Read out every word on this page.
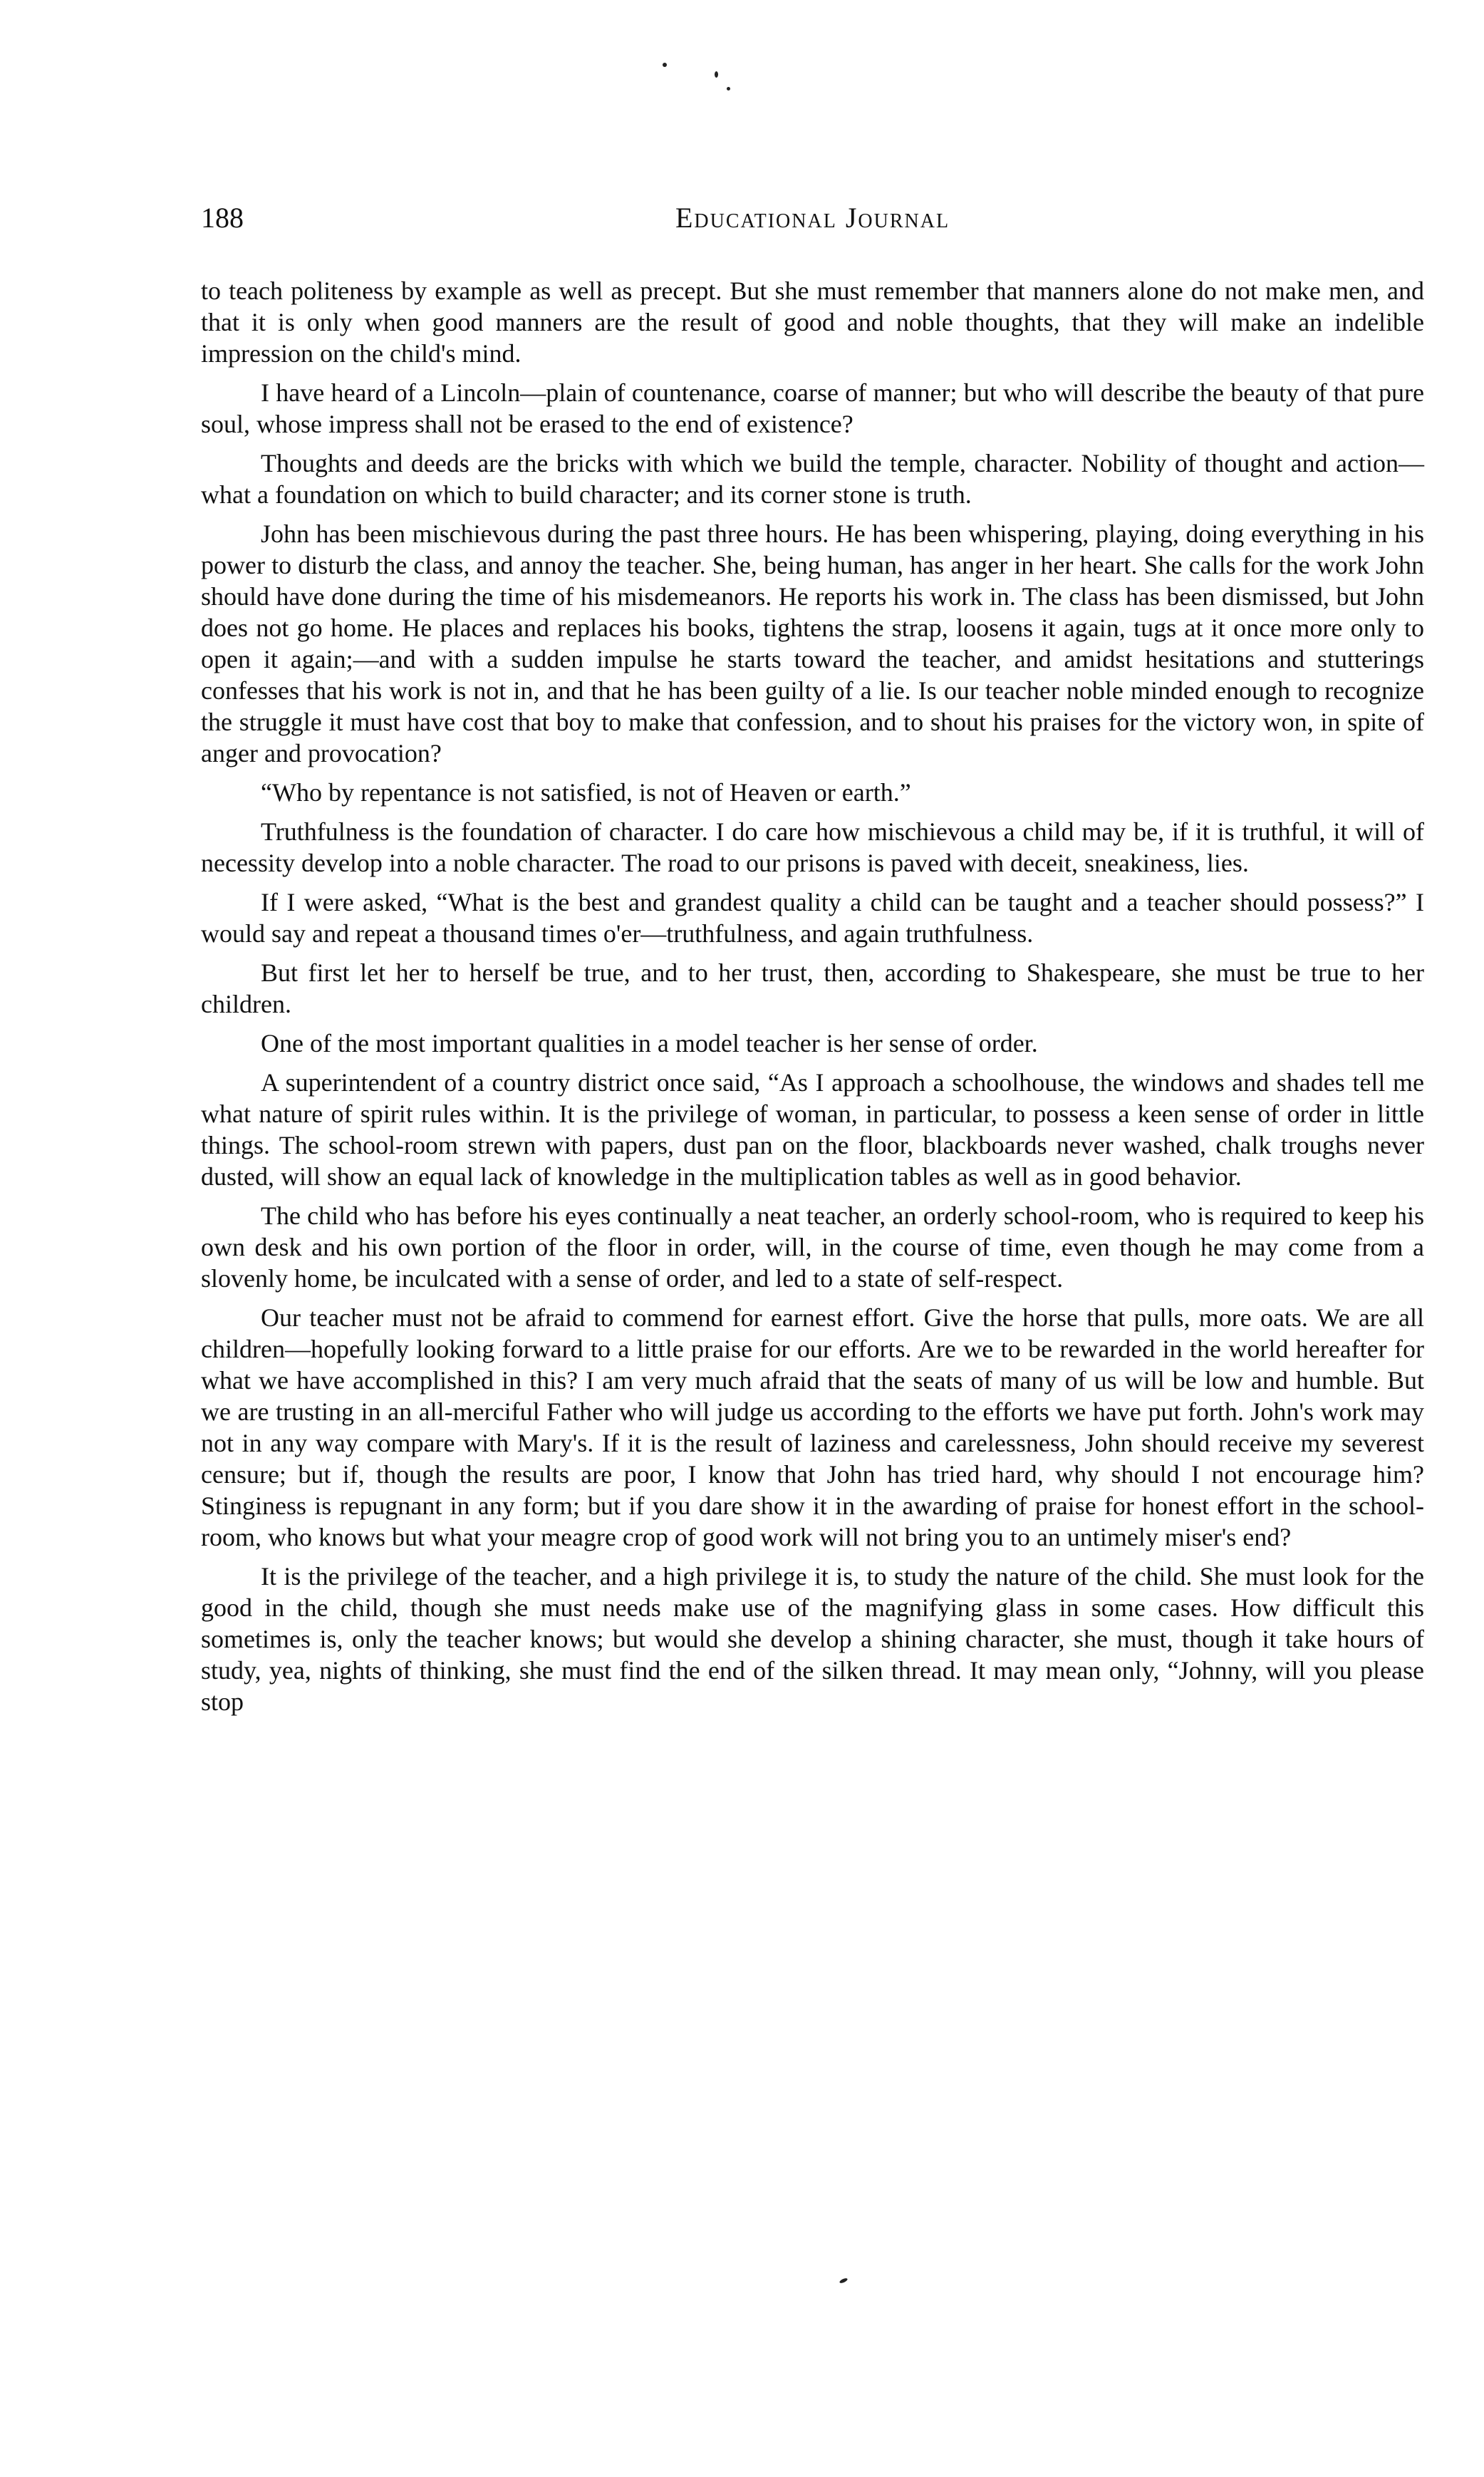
188	Educational Journal

to teach politeness by example as well as precept. But she must remember that manners alone do not make men, and that it is only when good manners are the result of good and noble thoughts, that they will make an indelible impression on the child's mind.

I have heard of a Lincoln—plain of countenance, coarse of manner; but who will describe the beauty of that pure soul, whose impress shall not be erased to the end of existence?

Thoughts and deeds are the bricks with which we build the temple, character. Nobility of thought and action—what a foundation on which to build character; and its corner stone is truth.

John has been mischievous during the past three hours. He has been whispering, playing, doing everything in his power to disturb the class, and annoy the teacher. She, being human, has anger in her heart. She calls for the work John should have done during the time of his misdemeanors. He reports his work in. The class has been dismissed, but John does not go home. He places and replaces his books, tightens the strap, loosens it again, tugs at it once more only to open it again;—and with a sudden impulse he starts toward the teacher, and amidst hesitations and stutterings confesses that his work is not in, and that he has been guilty of a lie. Is our teacher noble minded enough to recognize the struggle it must have cost that boy to make that confession, and to shout his praises for the victory won, in spite of anger and provocation?

“Who by repentance is not satisfied, is not of Heaven or earth.”

Truthfulness is the foundation of character. I do care how mischievous a child may be, if it is truthful, it will of necessity develop into a noble character. The road to our prisons is paved with deceit, sneakiness, lies.

If I were asked, “What is the best and grandest quality a child can be taught and a teacher should possess?” I would say and repeat a thousand times o'er—truthfulness, and again truthfulness.

But first let her to herself be true, and to her trust, then, according to Shakespeare, she must be true to her children.

One of the most important qualities in a model teacher is her sense of order.

A superintendent of a country district once said, “As I approach a schoolhouse, the windows and shades tell me what nature of spirit rules within. It is the privilege of woman, in particular, to possess a keen sense of order in little things. The school-room strewn with papers, dust pan on the floor, blackboards never washed, chalk troughs never dusted, will show an equal lack of knowledge in the multiplication tables as well as in good behavior.

The child who has before his eyes continually a neat teacher, an orderly school-room, who is required to keep his own desk and his own portion of the floor in order, will, in the course of time, even though he may come from a slovenly home, be inculcated with a sense of order, and led to a state of self-respect.

Our teacher must not be afraid to commend for earnest effort. Give the horse that pulls, more oats. We are all children—hopefully looking forward to a little praise for our efforts. Are we to be rewarded in the world hereafter for what we have accomplished in this? I am very much afraid that the seats of many of us will be low and humble. But we are trusting in an all-merciful Father who will judge us according to the efforts we have put forth. John's work may not in any way compare with Mary's. If it is the result of laziness and carelessness, John should receive my severest censure; but if, though the results are poor, I know that John has tried hard, why should I not encourage him? Stinginess is repugnant in any form; but if you dare show it in the awarding of praise for honest effort in the school-room, who knows but what your meagre crop of good work will not bring you to an untimely miser's end?

It is the privilege of the teacher, and a high privilege it is, to study the nature of the child. She must look for the good in the child, though she must needs make use of the magnifying glass in some cases. How difficult this sometimes is, only the teacher knows; but would she develop a shining character, she must, though it take hours of study, yea, nights of thinking, she must find the end of the silken thread. It may mean only, “Johnny, will you please stop
